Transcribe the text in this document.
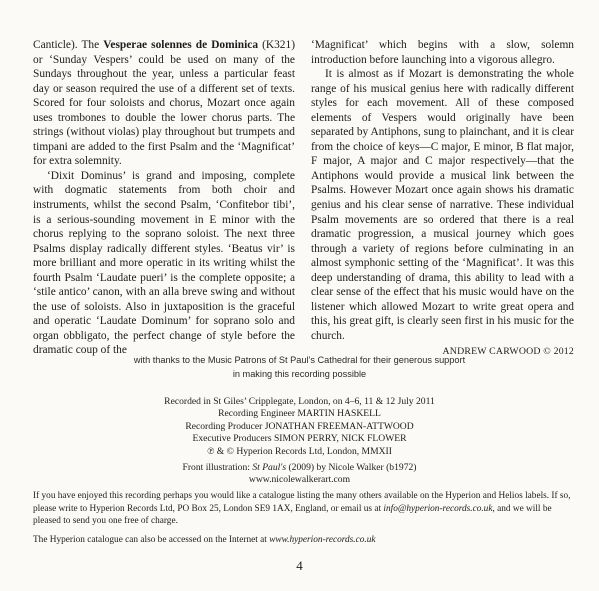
Canticle). The Vesperae solennes de Dominica (K321) or ‘Sunday Vespers’ could be used on many of the Sundays throughout the year, unless a particular feast day or season required the use of a different set of texts. Scored for four soloists and chorus, Mozart once again uses trombones to double the lower chorus parts. The strings (without violas) play throughout but trumpets and timpani are added to the first Psalm and the ‘Magnificat’ for extra solemnity.

‘Dixit Dominus’ is grand and imposing, complete with dogmatic statements from both choir and instruments, whilst the second Psalm, ‘Confitebor tibi’, is a serious-sounding movement in E minor with the chorus replying to the soprano soloist. The next three Psalms display radically different styles. ‘Beatus vir’ is more brilliant and more operatic in its writing whilst the fourth Psalm ‘Laudate pueri’ is the complete opposite; a ‘stile antico’ canon, with an alla breve swing and without the use of soloists. Also in juxtaposition is the graceful and operatic ‘Laudate Dominum’ for soprano solo and organ obbligato, the perfect change of style before the dramatic coup of the

‘Magnificat’ which begins with a slow, solemn introduction before launching into a vigorous allegro.

It is almost as if Mozart is demonstrating the whole range of his musical genius here with radically different styles for each movement. All of these composed elements of Vespers would originally have been separated by Antiphons, sung to plainchant, and it is clear from the choice of keys—C major, E minor, B flat major, F major, A major and C major respectively—that the Antiphons would provide a musical link between the Psalms. However Mozart once again shows his dramatic genius and his clear sense of narrative. These individual Psalm movements are so ordered that there is a real dramatic progression, a musical journey which goes through a variety of regions before culminating in an almost symphonic setting of the ‘Magnificat’. It was this deep understanding of drama, this ability to lead with a clear sense of the effect that his music would have on the listener which allowed Mozart to write great opera and this, his great gift, is clearly seen first in his music for the church.

ANDREW CARWOOD © 2012
with thanks to the Music Patrons of St Paul’s Cathedral for their generous support
in making this recording possible
Recorded in St Giles’ Cripplegate, London, on 4–6, 11 & 12 July 2011
Recording Engineer MARTIN HASKELL
Recording Producer JONATHAN FREEMAN-ATTWOOD
Executive Producers SIMON PERRY, NICK FLOWER
℗ & © Hyperion Records Ltd, London, MMXII
Front illustration: St Paul's (2009) by Nicole Walker (b1972)
www.nicolewalkerart.com

If you have enjoyed this recording perhaps you would like a catalogue listing the many others available on the Hyperion and Helios labels. If so, please write to Hyperion Records Ltd, PO Box 25, London SE9 1AX, England, or email us at info@hyperion-records.co.uk, and we will be pleased to send you one free of charge.

The Hyperion catalogue can also be accessed on the Internet at www.hyperion-records.co.uk

4
